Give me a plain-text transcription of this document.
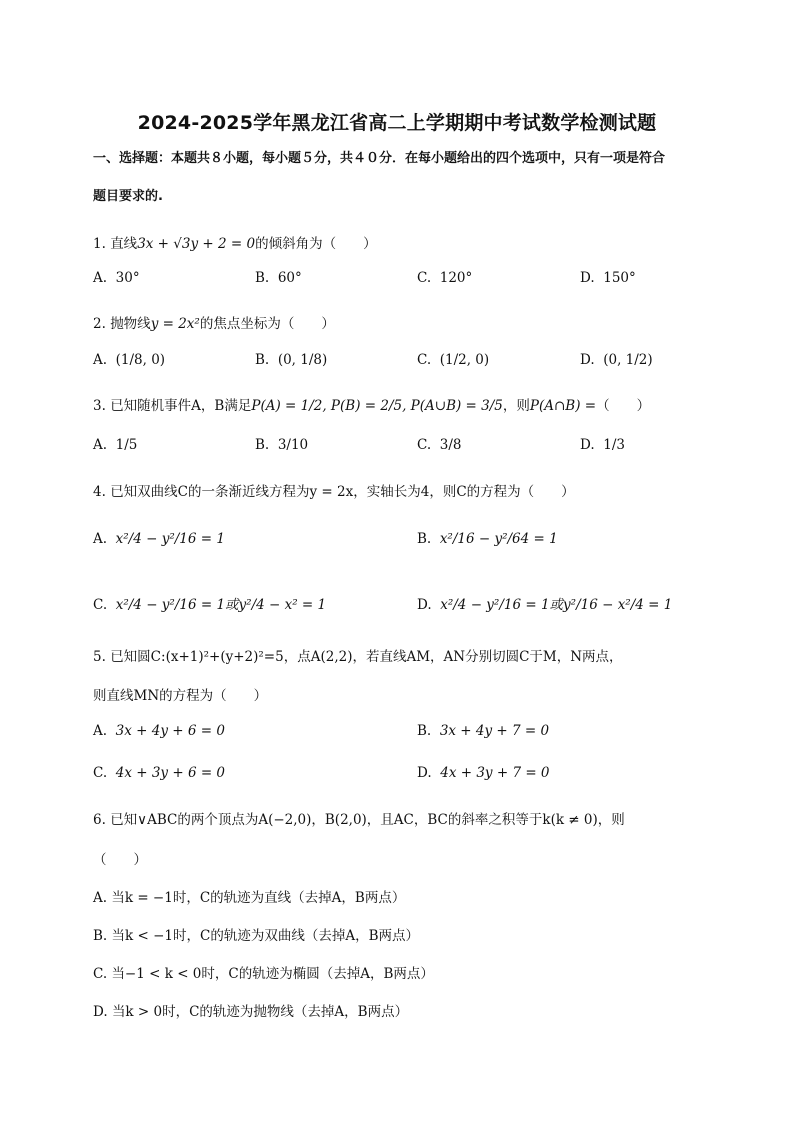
2024-2025学年黑龙江省高二上学期期中考试数学检测试题
一、选择题：本题共８小题，每小题５分，共４０分．在每小题给出的四个选项中，只有一项是符合
题目要求的.
1. 直线3x + √3y + 2 = 0的倾斜角为（　　）
A. 30°	B. 60°	C. 120°	D. 150°
2. 抛物线y = 2x²的焦点坐标为（　　）
A. (1/8, 0)	B. (0, 1/8)	C. (1/2, 0)	D. (0, 1/2)
3. 已知随机事件A，B满足P(A) = 1/2, P(B) = 2/5, P(A∪B) = 3/5，则P(A∩B) =（　　）
A. 1/5	B. 3/10	C. 3/8	D. 1/3
4. 已知双曲线C的一条渐近线方程为y = 2x，实轴长为4，则C的方程为（　　）
A. x²/4 − y²/16 = 1	B. x²/16 − y²/64 = 1
C. x²/4 − y²/16 = 1或y²/4 − x² = 1	D. x²/4 − y²/16 = 1或y²/16 − x²/4 = 1
5. 已知圆C:(x+1)²+(y+2)²=5，点A(2,2)，若直线AM，AN分别切圆C于M，N两点，
则直线MN的方程为（　　）
A. 3x + 4y + 6 = 0	B. 3x + 4y + 7 = 0
C. 4x + 3y + 6 = 0	D. 4x + 3y + 7 = 0
6. 已知∨ABC的两个顶点为A(−2,0)，B(2,0)，且AC，BC的斜率之积等于k(k ≠ 0)，则
（　　）
A. 当k = −1时，C的轨迹为直线（去掉A，B两点）
B. 当k < −1时，C的轨迹为双曲线（去掉A，B两点）
C. 当−1 < k < 0时，C的轨迹为椭圆（去掉A，B两点）
D. 当k > 0时，C的轨迹为抛物线（去掉A，B两点）
